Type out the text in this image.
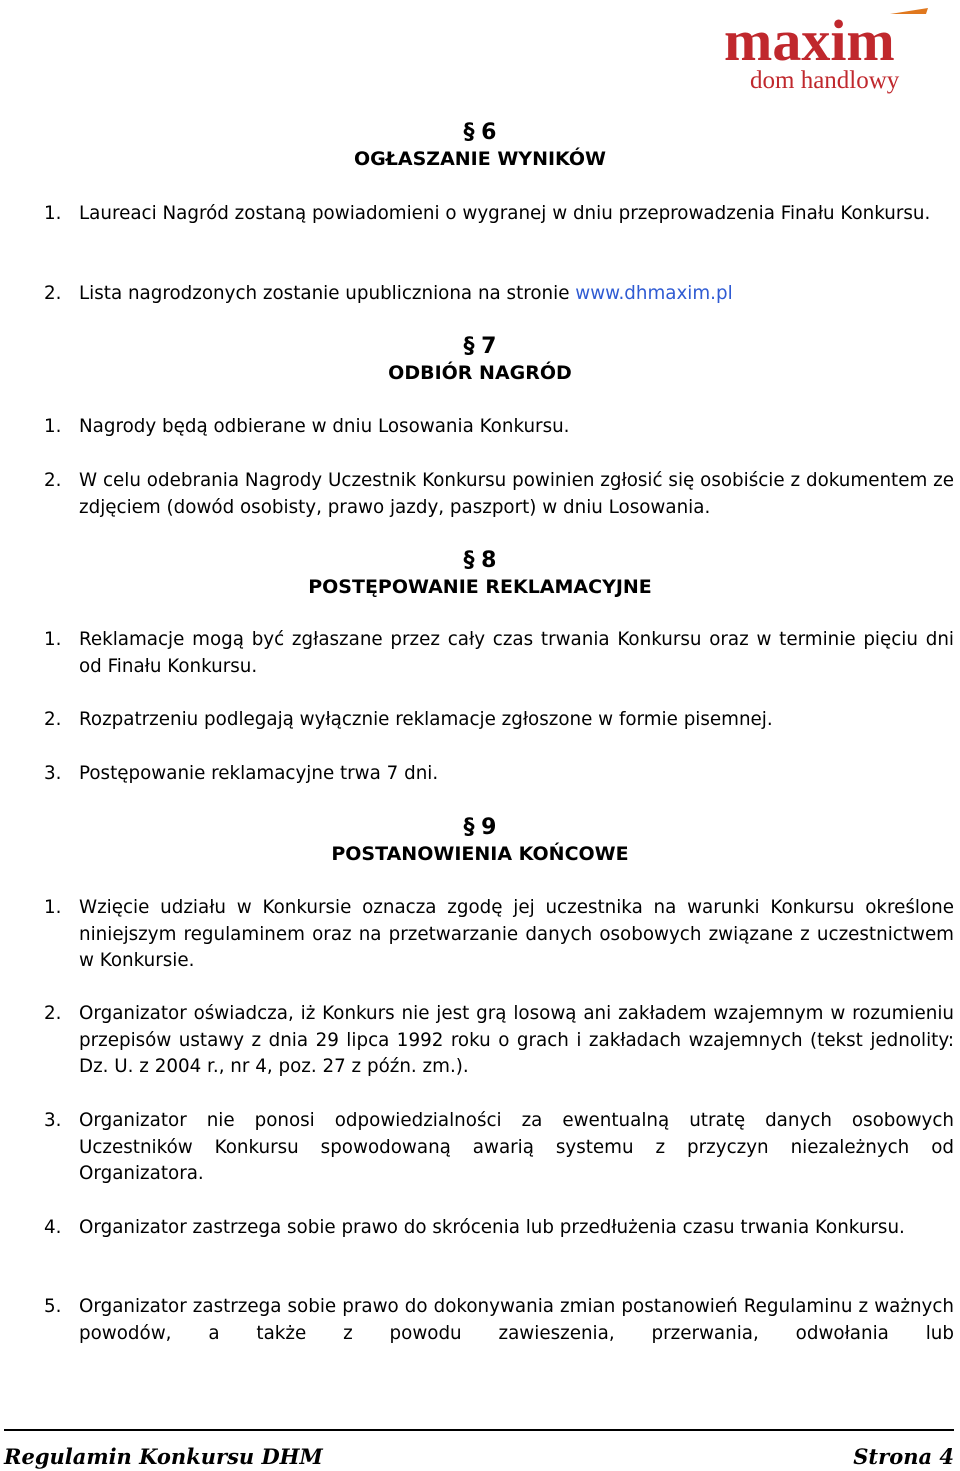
maxim
dom handlowy
§ 6
OGŁASZANIE WYNIKÓW
1. Laureaci Nagród zostaną powiadomieni o wygranej w dniu przeprowadzenia Finału Konkursu.
2. Lista nagrodzonych zostanie upubliczniona na stronie www.dhmaxim.pl
§ 7
ODBIÓR NAGRÓD
1. Nagrody będą odbierane w dniu Losowania Konkursu.
2. W celu odebrania Nagrody Uczestnik Konkursu powinien zgłosić się osobiście z dokumentem ze zdjęciem (dowód osobisty, prawo jazdy, paszport) w dniu Losowania.
§ 8
POSTĘPOWANIE REKLAMACYJNE
1. Reklamacje mogą być zgłaszane przez cały czas trwania Konkursu oraz w terminie pięciu dni od Finału Konkursu.
2. Rozpatrzeniu podlegają wyłącznie reklamacje zgłoszone w formie pisemnej.
3. Postępowanie reklamacyjne trwa 7 dni.
§ 9
POSTANOWIENIA KOŃCOWE
1. Wzięcie udziału w Konkursie oznacza zgodę jej uczestnika na warunki Konkursu określone niniejszym regulaminem oraz na przetwarzanie danych osobowych związane z uczestnictwem w Konkursie.
2. Organizator oświadcza, iż Konkurs nie jest grą losową ani zakładem wzajemnym w rozumieniu przepisów ustawy z dnia 29 lipca 1992 roku o grach i zakładach wzajemnych (tekst jednolity: Dz. U. z 2004 r., nr 4, poz. 27 z późn. zm.).
3. Organizator nie ponosi odpowiedzialności za ewentualną utratę danych osobowych Uczestników Konkursu spowodowaną awarią systemu z przyczyn niezależnych od Organizatora.
4. Organizator zastrzega sobie prawo do skrócenia lub przedłużenia czasu trwania Konkursu.
5. Organizator zastrzega sobie prawo do dokonywania zmian postanowień Regulaminu z ważnych powodów, a także z powodu zawieszenia, przerwania, odwołania lub
Regulamin Konkursu DHM	Strona 4
